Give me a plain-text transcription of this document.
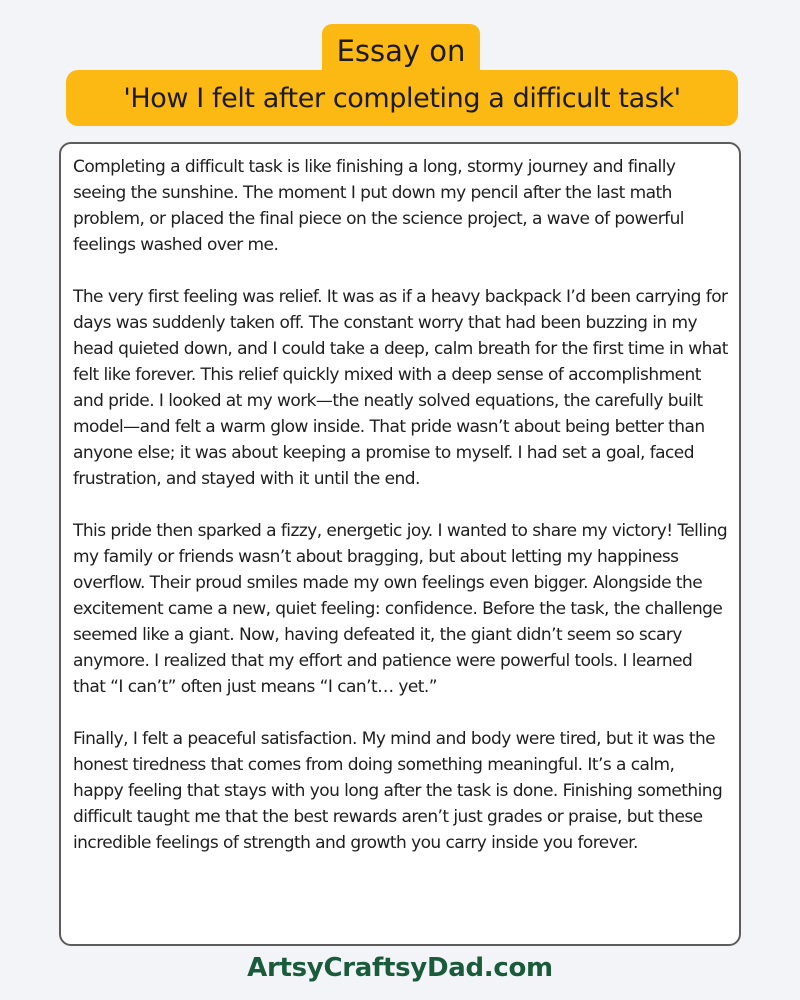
Essay on
'How I felt after completing a difficult task'

Completing a difficult task is like finishing a long, stormy journey and finally seeing the sunshine. The moment I put down my pencil after the last math problem, or placed the final piece on the science project, a wave of powerful feelings washed over me.

The very first feeling was relief. It was as if a heavy backpack I’d been carrying for days was suddenly taken off. The constant worry that had been buzzing in my head quieted down, and I could take a deep, calm breath for the first time in what felt like forever. This relief quickly mixed with a deep sense of accomplishment and pride. I looked at my work—the neatly solved equations, the carefully built model—and felt a warm glow inside. That pride wasn’t about being better than anyone else; it was about keeping a promise to myself. I had set a goal, faced frustration, and stayed with it until the end.

This pride then sparked a fizzy, energetic joy. I wanted to share my victory! Telling my family or friends wasn’t about bragging, but about letting my happiness overflow. Their proud smiles made my own feelings even bigger. Alongside the excitement came a new, quiet feeling: confidence. Before the task, the challenge seemed like a giant. Now, having defeated it, the giant didn’t seem so scary anymore. I realized that my effort and patience were powerful tools. I learned that “I can’t” often just means “I can’t… yet.”

Finally, I felt a peaceful satisfaction. My mind and body were tired, but it was the honest tiredness that comes from doing something meaningful. It’s a calm, happy feeling that stays with you long after the task is done. Finishing something difficult taught me that the best rewards aren’t just grades or praise, but these incredible feelings of strength and growth you carry inside you forever.

ArtsyCraftsyDad.com
